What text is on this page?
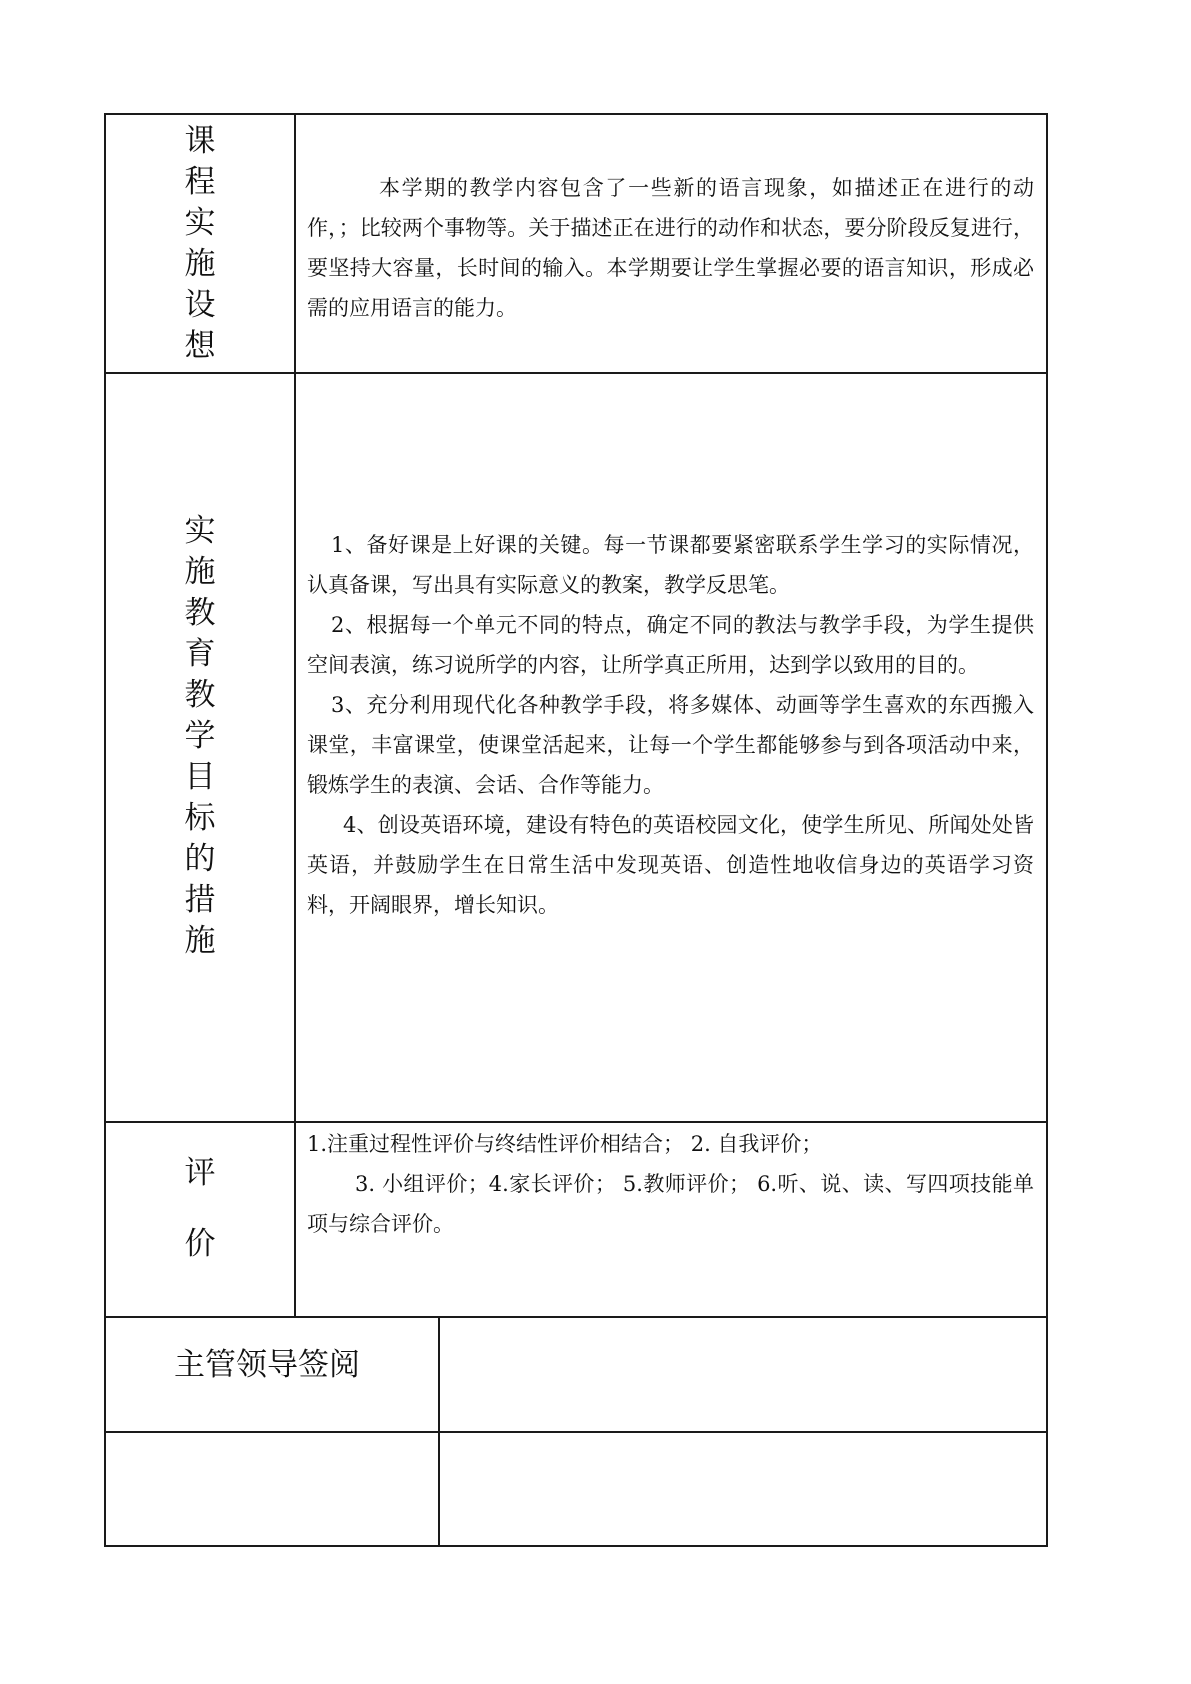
课
程
实
施
设
想

本学期的教学内容包含了一些新的语言现象，如描述正在进行的动作，；比较两个事物等。关于描述正在进行的动作和状态，要分阶段反复进行，要坚持大容量，长时间的输入。本学期要让学生掌握必要的语言知识，形成必需的应用语言的能力。

实
施
教
育
教
学
目
标
的
措
施
1、备好课是上好课的关键。每一节课都要紧密联系学生学习的实际情况，认真备课，写出具有实际意义的教案，教学反思笔。
2、根据每一个单元不同的特点，确定不同的教法与教学手段，为学生提供空间表演，练习说所学的内容，让所学真正所用，达到学以致用的目的。
3、充分利用现代化各种教学手段，将多媒体、动画等学生喜欢的东西搬入课堂，丰富课堂，使课堂活起来，让每一个学生都能够参与到各项活动中来，锻炼学生的表演、会话、合作等能力。
4、创设英语环境，建设有特色的英语校园文化，使学生所见、所闻处处皆英语，并鼓励学生在日常生活中发现英语、创造性地收信身边的英语学习资料，开阔眼界，增长知识。
评
价
1.注重过程性评价与终结性评价相结合； 2. 自我评价；
3. 小组评价；4.家长评价； 5.教师评价； 6.听、说、读、写四项技能单项与综合评价。
主管领导签阅
